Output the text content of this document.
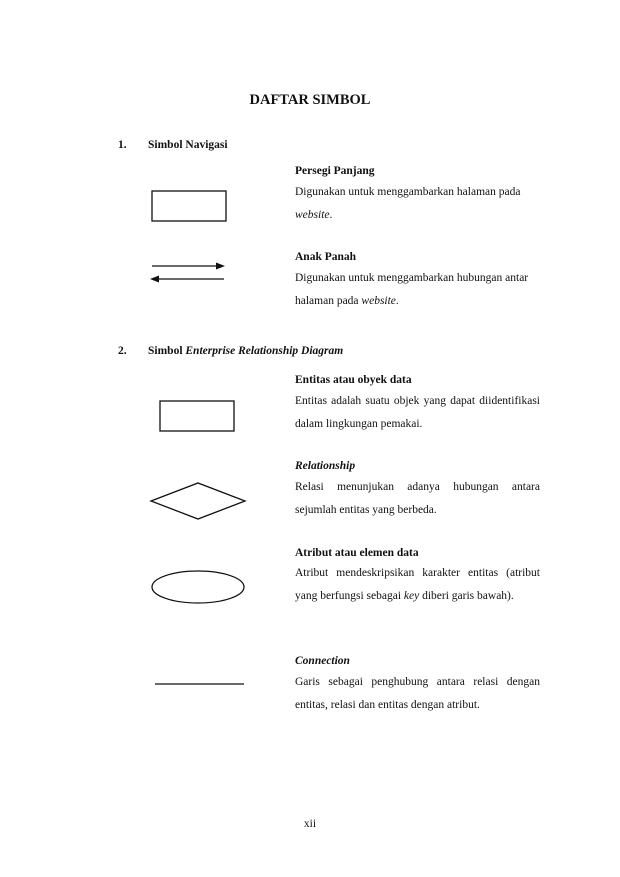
DAFTAR SIMBOL
1. Simbol Navigasi
Persegi Panjang
Digunakan untuk menggambarkan halaman pada website.
Anak Panah
Digunakan untuk menggambarkan hubungan antar halaman pada website.
2. Simbol Enterprise Relationship Diagram
Entitas atau obyek data
Entitas adalah suatu objek yang dapat diidentifikasi dalam lingkungan pemakai.
Relationship
Relasi menunjukan adanya hubungan antara sejumlah entitas yang berbeda.
Atribut atau elemen data
Atribut mendeskripsikan karakter entitas (atribut yang berfungsi sebagai key diberi garis bawah).
Connection
Garis sebagai penghubung antara relasi dengan entitas, relasi dan entitas dengan atribut.
xii
